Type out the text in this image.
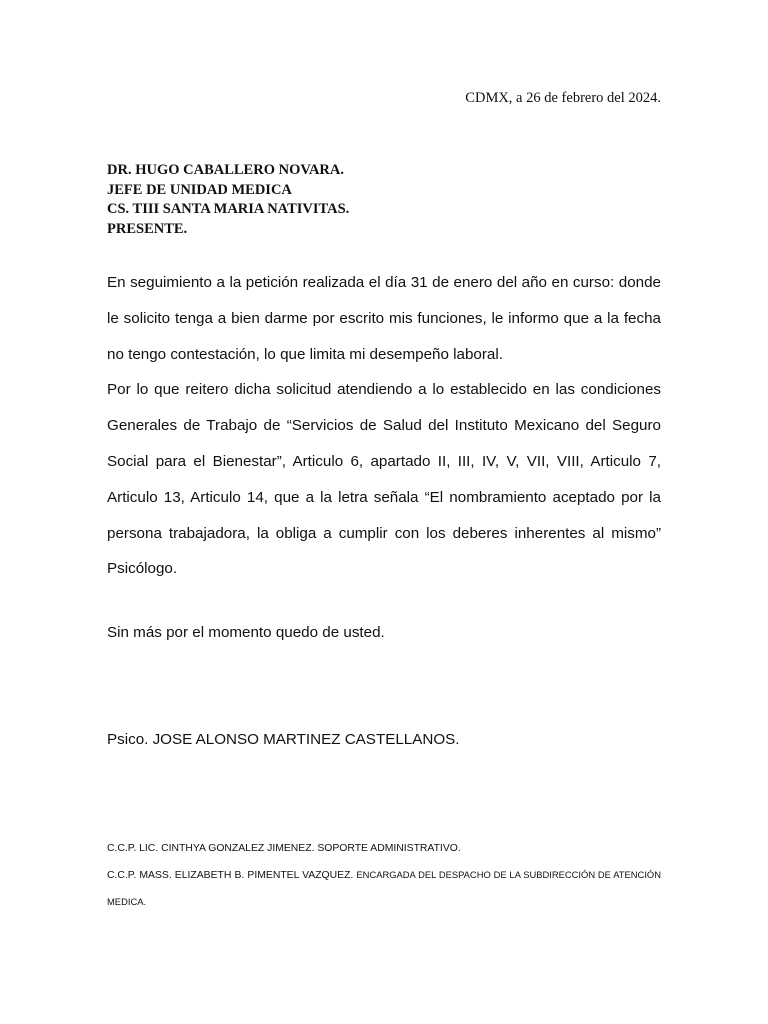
CDMX, a 26 de febrero del 2024.
DR. HUGO CABALLERO NOVARA.
JEFE DE UNIDAD MEDICA
CS. TIII SANTA MARIA NATIVITAS.
PRESENTE.

En seguimiento a la petición realizada el día 31 de enero del año en curso: donde le solicito tenga a bien darme por escrito mis funciones, le informo que a la fecha no tengo contestación, lo que limita mi desempeño laboral.

Por lo que reitero dicha solicitud atendiendo a lo establecido en las condiciones Generales de Trabajo de “Servicios de Salud del Instituto Mexicano del Seguro Social para el Bienestar”, Articulo 6, apartado II, III, IV, V, VII, VIII, Articulo 7, Articulo 13, Articulo 14, que a la letra señala “El nombramiento aceptado por la persona trabajadora, la obliga a cumplir con los deberes inherentes al mismo” Psicólogo.

Sin más por el momento quedo de usted.
Psico. JOSE ALONSO MARTINEZ CASTELLANOS.

C.C.P. LIC. CINTHYA GONZALEZ JIMENEZ. SOPORTE ADMINISTRATIVO.

C.C.P. MASS. ELIZABETH B. PIMENTEL VAZQUEZ. ENCARGADA DEL DESPACHO DE LA SUBDIRECCIÓN DE ATENCIÓN MEDICA.
